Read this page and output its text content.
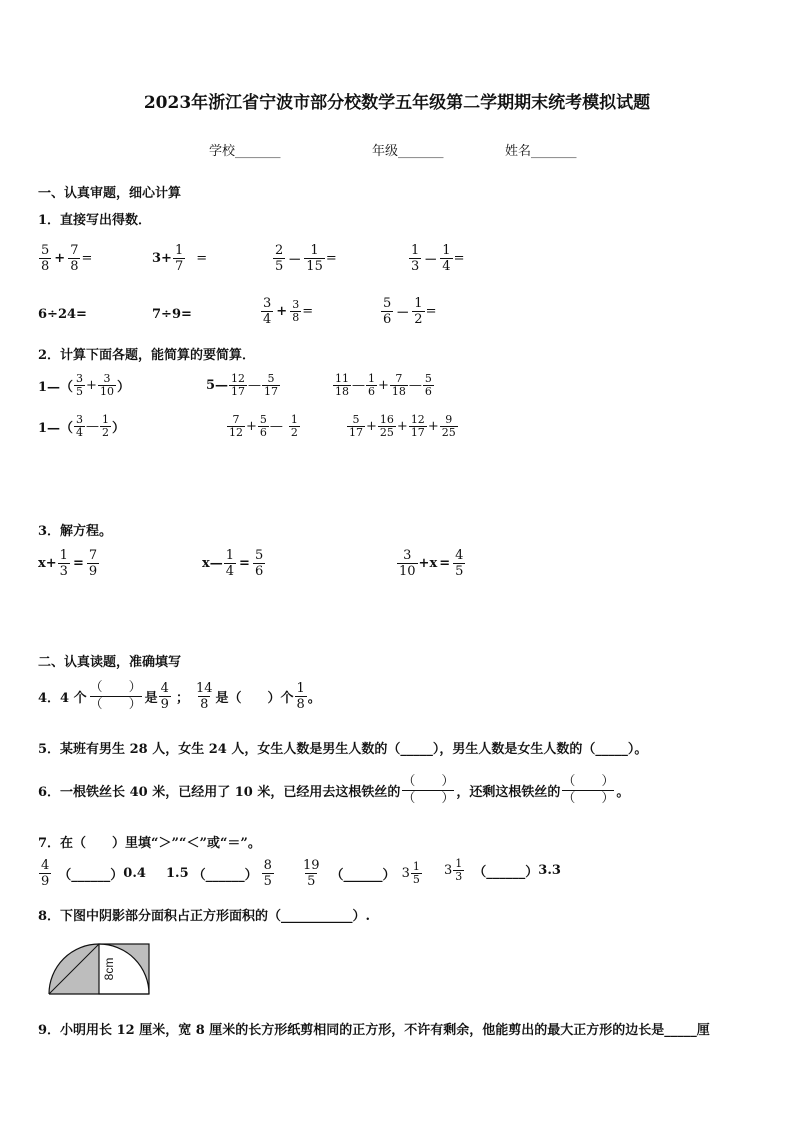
2023年浙江省宁波市部分校数学五年级第二学期期末统考模拟试题
学校_______	年级_______	姓名_______
一、认真审题，细心计算
1．直接写出得数．
$\frac{5}{8} + \frac{7}{8}$ =	$3+ \frac{1}{7}$ =	$\frac{2}{5} - \frac{1}{15}$ =	$\frac{1}{3} - \frac{1}{4}$ =
6÷24=	7÷9=	$\frac{3}{4} + \frac{3}{8}$ =	$\frac{5}{6} - \frac{1}{2}$ =
2．计算下面各题，能简算的要简算．
1—（ $\frac{3}{5} + \frac{3}{10}$ ）	5— $\frac{12}{17}$ — $\frac{5}{17}$	$\frac{11}{18}$ — $\frac{1}{6} + \frac{7}{18}$ — $\frac{5}{6}$
1—（ $\frac{3}{4}$ — $\frac{1}{2}$ ）	$\frac{7}{12} + \frac{5}{6}$ — $\frac{1}{2}$	$\frac{5}{17} + \frac{16}{25} + \frac{12}{17} + \frac{9}{25}$
3．解方程。
$x+ \frac{1}{3} = \frac{7}{9}$	x— $\frac{1}{4} = \frac{5}{6}$	$\frac{3}{10} +x = \frac{4}{5}$
二、认真读题，准确填写
4．4 个 $\frac{( )}{( )}$ 是 $\frac{4}{9}$ ； $\frac{14}{8}$ 是（　　）个 $\frac{1}{8}$ 。
5．某班有男生 28 人，女生 24 人，女生人数是男生人数的（_____），男生人数是女生人数的（_____）。
6．一根铁丝长 40 米，已经用了 10 米，已经用去这根铁丝的 $\frac{( )}{( )}$ ，还剩这根铁丝的 $\frac{( )}{( )}$ 。
7．在（　　）里填“＞”“＜”或“＝”。
$\frac{4}{9}$ （______） 0.4 1.5 （______） $\frac{8}{5} \frac{19}{5}$ （______） $3 \frac{1}{5} 3 \frac{1}{3}$ （______） 3.3
8．下图中阴影部分面积占正方形面积的（___________）.
8cm
9．小明用长 12 厘米，宽 8 厘米的长方形纸剪相同的正方形，不许有剩余，他能剪出的最大正方形的边长是_____厘
